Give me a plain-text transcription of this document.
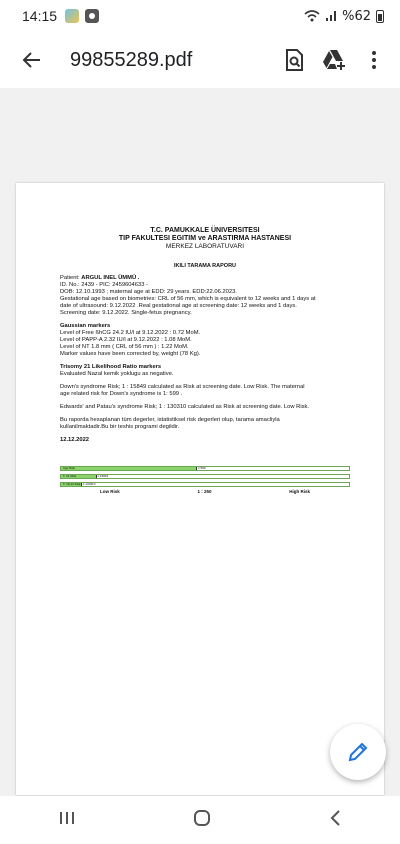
14:15	%62
99855289.pdf
T.C. PAMUKKALE ÜNIVERSITESI
TIP FAKULTESI EGITIM ve ARASTIRMA HASTANESI
MERKEZ LABORATUVARI
IKILI TARAMA RAPORU
Patient: ARGUL INEL ÜMMÜ .
ID. No.: 2439 - PIC: 2459604633 -
DOB: 12.10.1993 ; maternal age at EDD: 29 years. EDD:22.06.2023.
Gestational age based on biometries: CRL of 56 mm, which is equivalent to 12 weeks and 1 days at
date of ultrasound: 9.12.2022 .Real gestational age at screening date: 12 weeks and 1 days.
Screening date: 9.12.2022. Single-fetus pregnancy.
Gaussian markers
Level of Free ßhCG 24.2 IU/l at 9.12.2022 : 0.72 MoM.
Level of PAPP-A 2.32 IU/l at 9.12.2022 : 1.08 MoM.
Level of NT 1.8 mm ( CRL of 56 mm ) : 1.22 MoM.
Marker values have been corrected by, weight (78 Kg).
Trisomy 21 Likelihood Ratio markers
Evaluated Nazal kemik yoklugu as negative.
Down's syndrome Risk; 1 : 15849 calculated as Risk at screening date. Low Risk. The maternal
age related risk for Down's syndrome is 1: 599 .
Edwards' and Patau's syndrome Risk; 1 : 130310 calculated as Risk at screening date. Low Risk.
Bu raporda hesaplanan tüm degerler, istatistiksel risk degerleri olup, tarama amacliyla
kullanilmaktadir.Bu bir teshis programi degildir.
12.12.2022
Age Risk	1:599
T. 21 Risk	1:15849
T. 18-13 Risk 1:130310
Low Risk	1 : 250	High Risk
